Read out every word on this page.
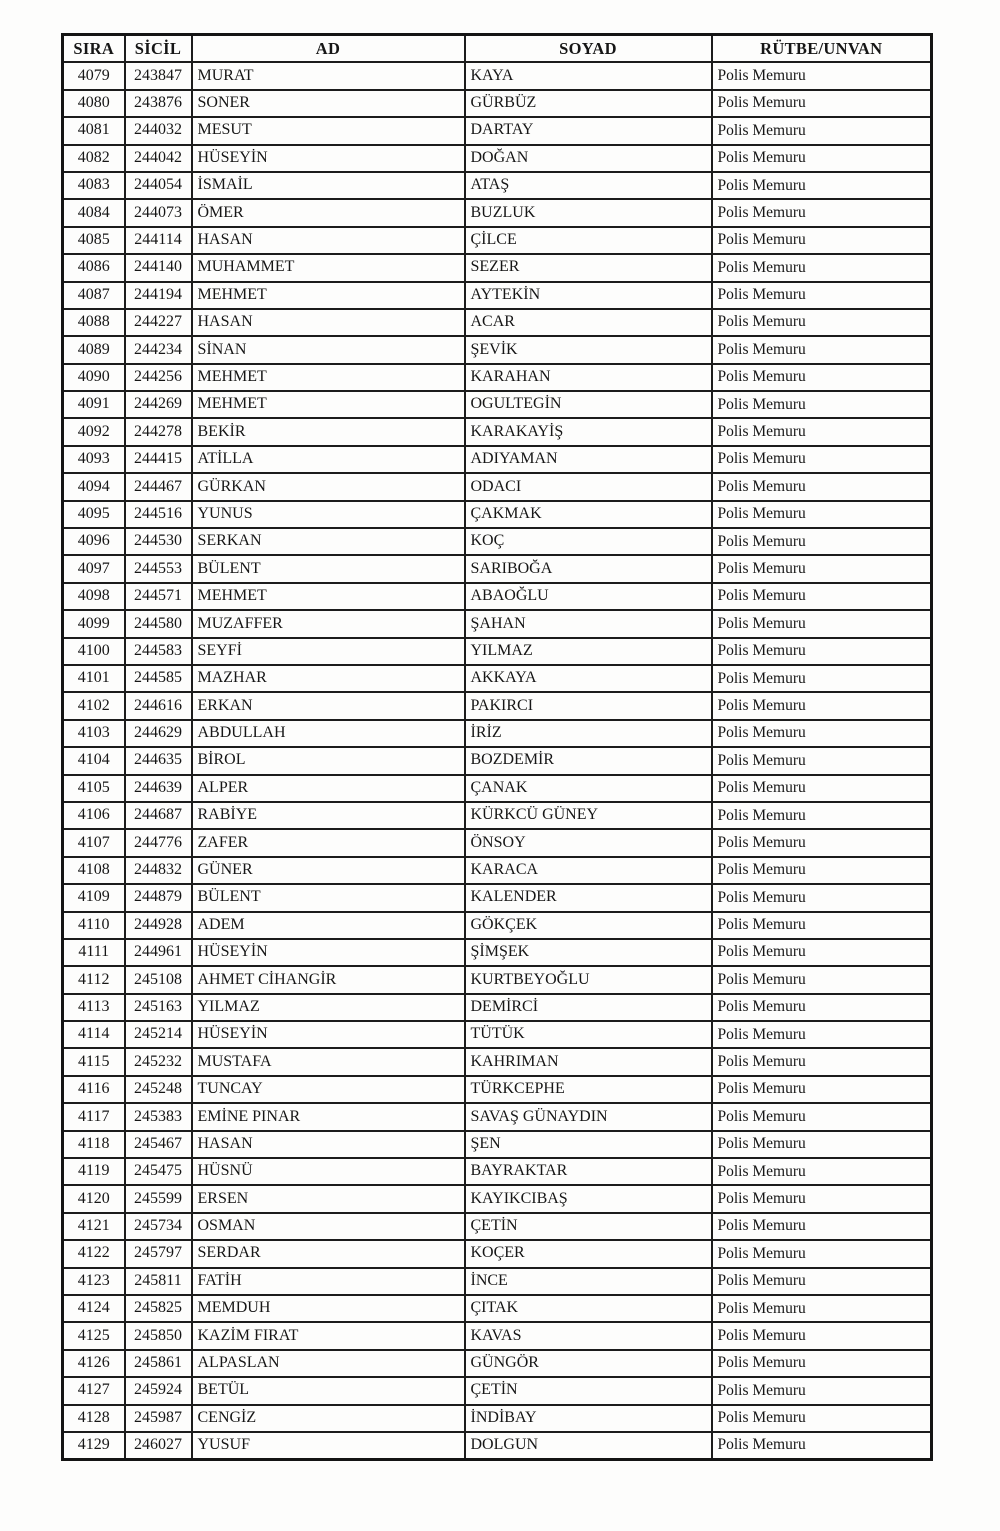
SIRA	SİCİL	AD	SOYAD	RÜTBE/UNVAN
4079	243847	MURAT	KAYA	Polis Memuru
4080	243876	SONER	GÜRBÜZ	Polis Memuru
4081	244032	MESUT	DARTAY	Polis Memuru
4082	244042	HÜSEYİN	DOĞAN	Polis Memuru
4083	244054	İSMAİL	ATAŞ	Polis Memuru
4084	244073	ÖMER	BUZLUK	Polis Memuru
4085	244114	HASAN	ÇİLCE	Polis Memuru
4086	244140	MUHAMMET	SEZER	Polis Memuru
4087	244194	MEHMET	AYTEKİN	Polis Memuru
4088	244227	HASAN	ACAR	Polis Memuru
4089	244234	SİNAN	ŞEVİK	Polis Memuru
4090	244256	MEHMET	KARAHAN	Polis Memuru
4091	244269	MEHMET	OGULTEGİN	Polis Memuru
4092	244278	BEKİR	KARAKAYİŞ	Polis Memuru
4093	244415	ATİLLA	ADIYAMAN	Polis Memuru
4094	244467	GÜRKAN	ODACI	Polis Memuru
4095	244516	YUNUS	ÇAKMAK	Polis Memuru
4096	244530	SERKAN	KOÇ	Polis Memuru
4097	244553	BÜLENT	SARIBOĞA	Polis Memuru
4098	244571	MEHMET	ABAOĞLU	Polis Memuru
4099	244580	MUZAFFER	ŞAHAN	Polis Memuru
4100	244583	SEYFİ	YILMAZ	Polis Memuru
4101	244585	MAZHAR	AKKAYA	Polis Memuru
4102	244616	ERKAN	PAKIRCI	Polis Memuru
4103	244629	ABDULLAH	İRİZ	Polis Memuru
4104	244635	BİROL	BOZDEMİR	Polis Memuru
4105	244639	ALPER	ÇANAK	Polis Memuru
4106	244687	RABİYE	KÜRKCÜ GÜNEY	Polis Memuru
4107	244776	ZAFER	ÖNSOY	Polis Memuru
4108	244832	GÜNER	KARACA	Polis Memuru
4109	244879	BÜLENT	KALENDER	Polis Memuru
4110	244928	ADEM	GÖKÇEK	Polis Memuru
4111	244961	HÜSEYİN	ŞİMŞEK	Polis Memuru
4112	245108	AHMET CİHANGİR	KURTBEYOĞLU	Polis Memuru
4113	245163	YILMAZ	DEMİRCİ	Polis Memuru
4114	245214	HÜSEYİN	TÜTÜK	Polis Memuru
4115	245232	MUSTAFA	KAHRIMAN	Polis Memuru
4116	245248	TUNCAY	TÜRKCEPHE	Polis Memuru
4117	245383	EMİNE PINAR	SAVAŞ GÜNAYDIN	Polis Memuru
4118	245467	HASAN	ŞEN	Polis Memuru
4119	245475	HÜSNÜ	BAYRAKTAR	Polis Memuru
4120	245599	ERSEN	KAYIKCIBAŞ	Polis Memuru
4121	245734	OSMAN	ÇETİN	Polis Memuru
4122	245797	SERDAR	KOÇER	Polis Memuru
4123	245811	FATİH	İNCE	Polis Memuru
4124	245825	MEMDUH	ÇITAK	Polis Memuru
4125	245850	KAZİM FIRAT	KAVAS	Polis Memuru
4126	245861	ALPASLAN	GÜNGÖR	Polis Memuru
4127	245924	BETÜL	ÇETİN	Polis Memuru
4128	245987	CENGİZ	İNDİBAY	Polis Memuru
4129	246027	YUSUF	DOLGUN	Polis Memuru
